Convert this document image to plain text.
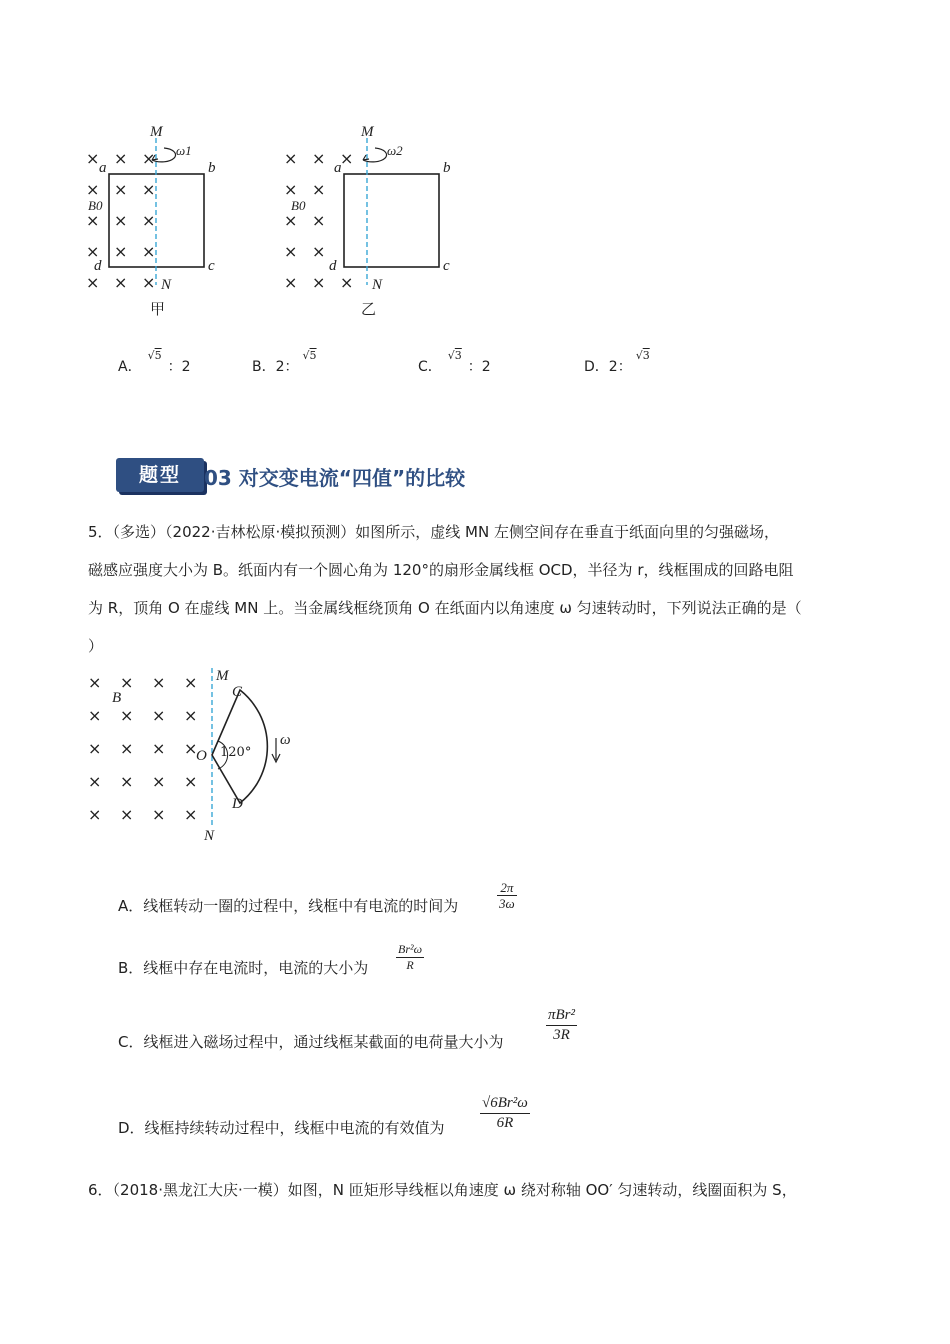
× × ×
× × ×
× × ×
× × ×
× × ×
× × ×
× ×
× ×
× ×
× × ×
M
ω1
a	b
B0
d	c
N
甲
M
ω2
a	b
B0
d	c
N
乙
A．$^{√5}$：2	B．2：$^{√5}$
C．$^{√3}$：2	D．2：$^{√3}$
题型	03 对交变电流“四值”的比较
5．（多选）（2022·吉林松原·模拟预测）如图所示，虚线 MN 左侧空间存在垂直于纸面向里的匀强磁场，
磁感应强度大小为 B。纸面内有一个圆心角为 120°的扇形金属线框 OCD，半径为 r，线框围成的回路电阻
为 R，顶角 O 在虚线 MN 上。当金属线框绕顶角 O 在纸面内以角速度 ω 匀速转动时，下列说法正确的是（
）
× × × ×
× × × ×
× × × ×
× × × ×
× × × ×
M
B	C
ω
O 120°
D
N
A．线框转动一圈的过程中，线框中有电流的时间为	$\frac{2\pi}{3\omega}$
B．线框中存在电流时，电流的大小为 $\frac{\text{Br²ω}}{R}$
C．线框进入磁场过程中，通过线框某截面的电荷量大小为
πBr²
3R
D．线框持续转动过程中，线框中电流的有效值为 $\frac{\text{√6Br²ω}}{6R}$
6．（2018·黑龙江大庆·一模）如图，N 匝矩形导线框以角速度 ω 绕对称轴 OO′ 匀速转动，线圈面积为 S，
